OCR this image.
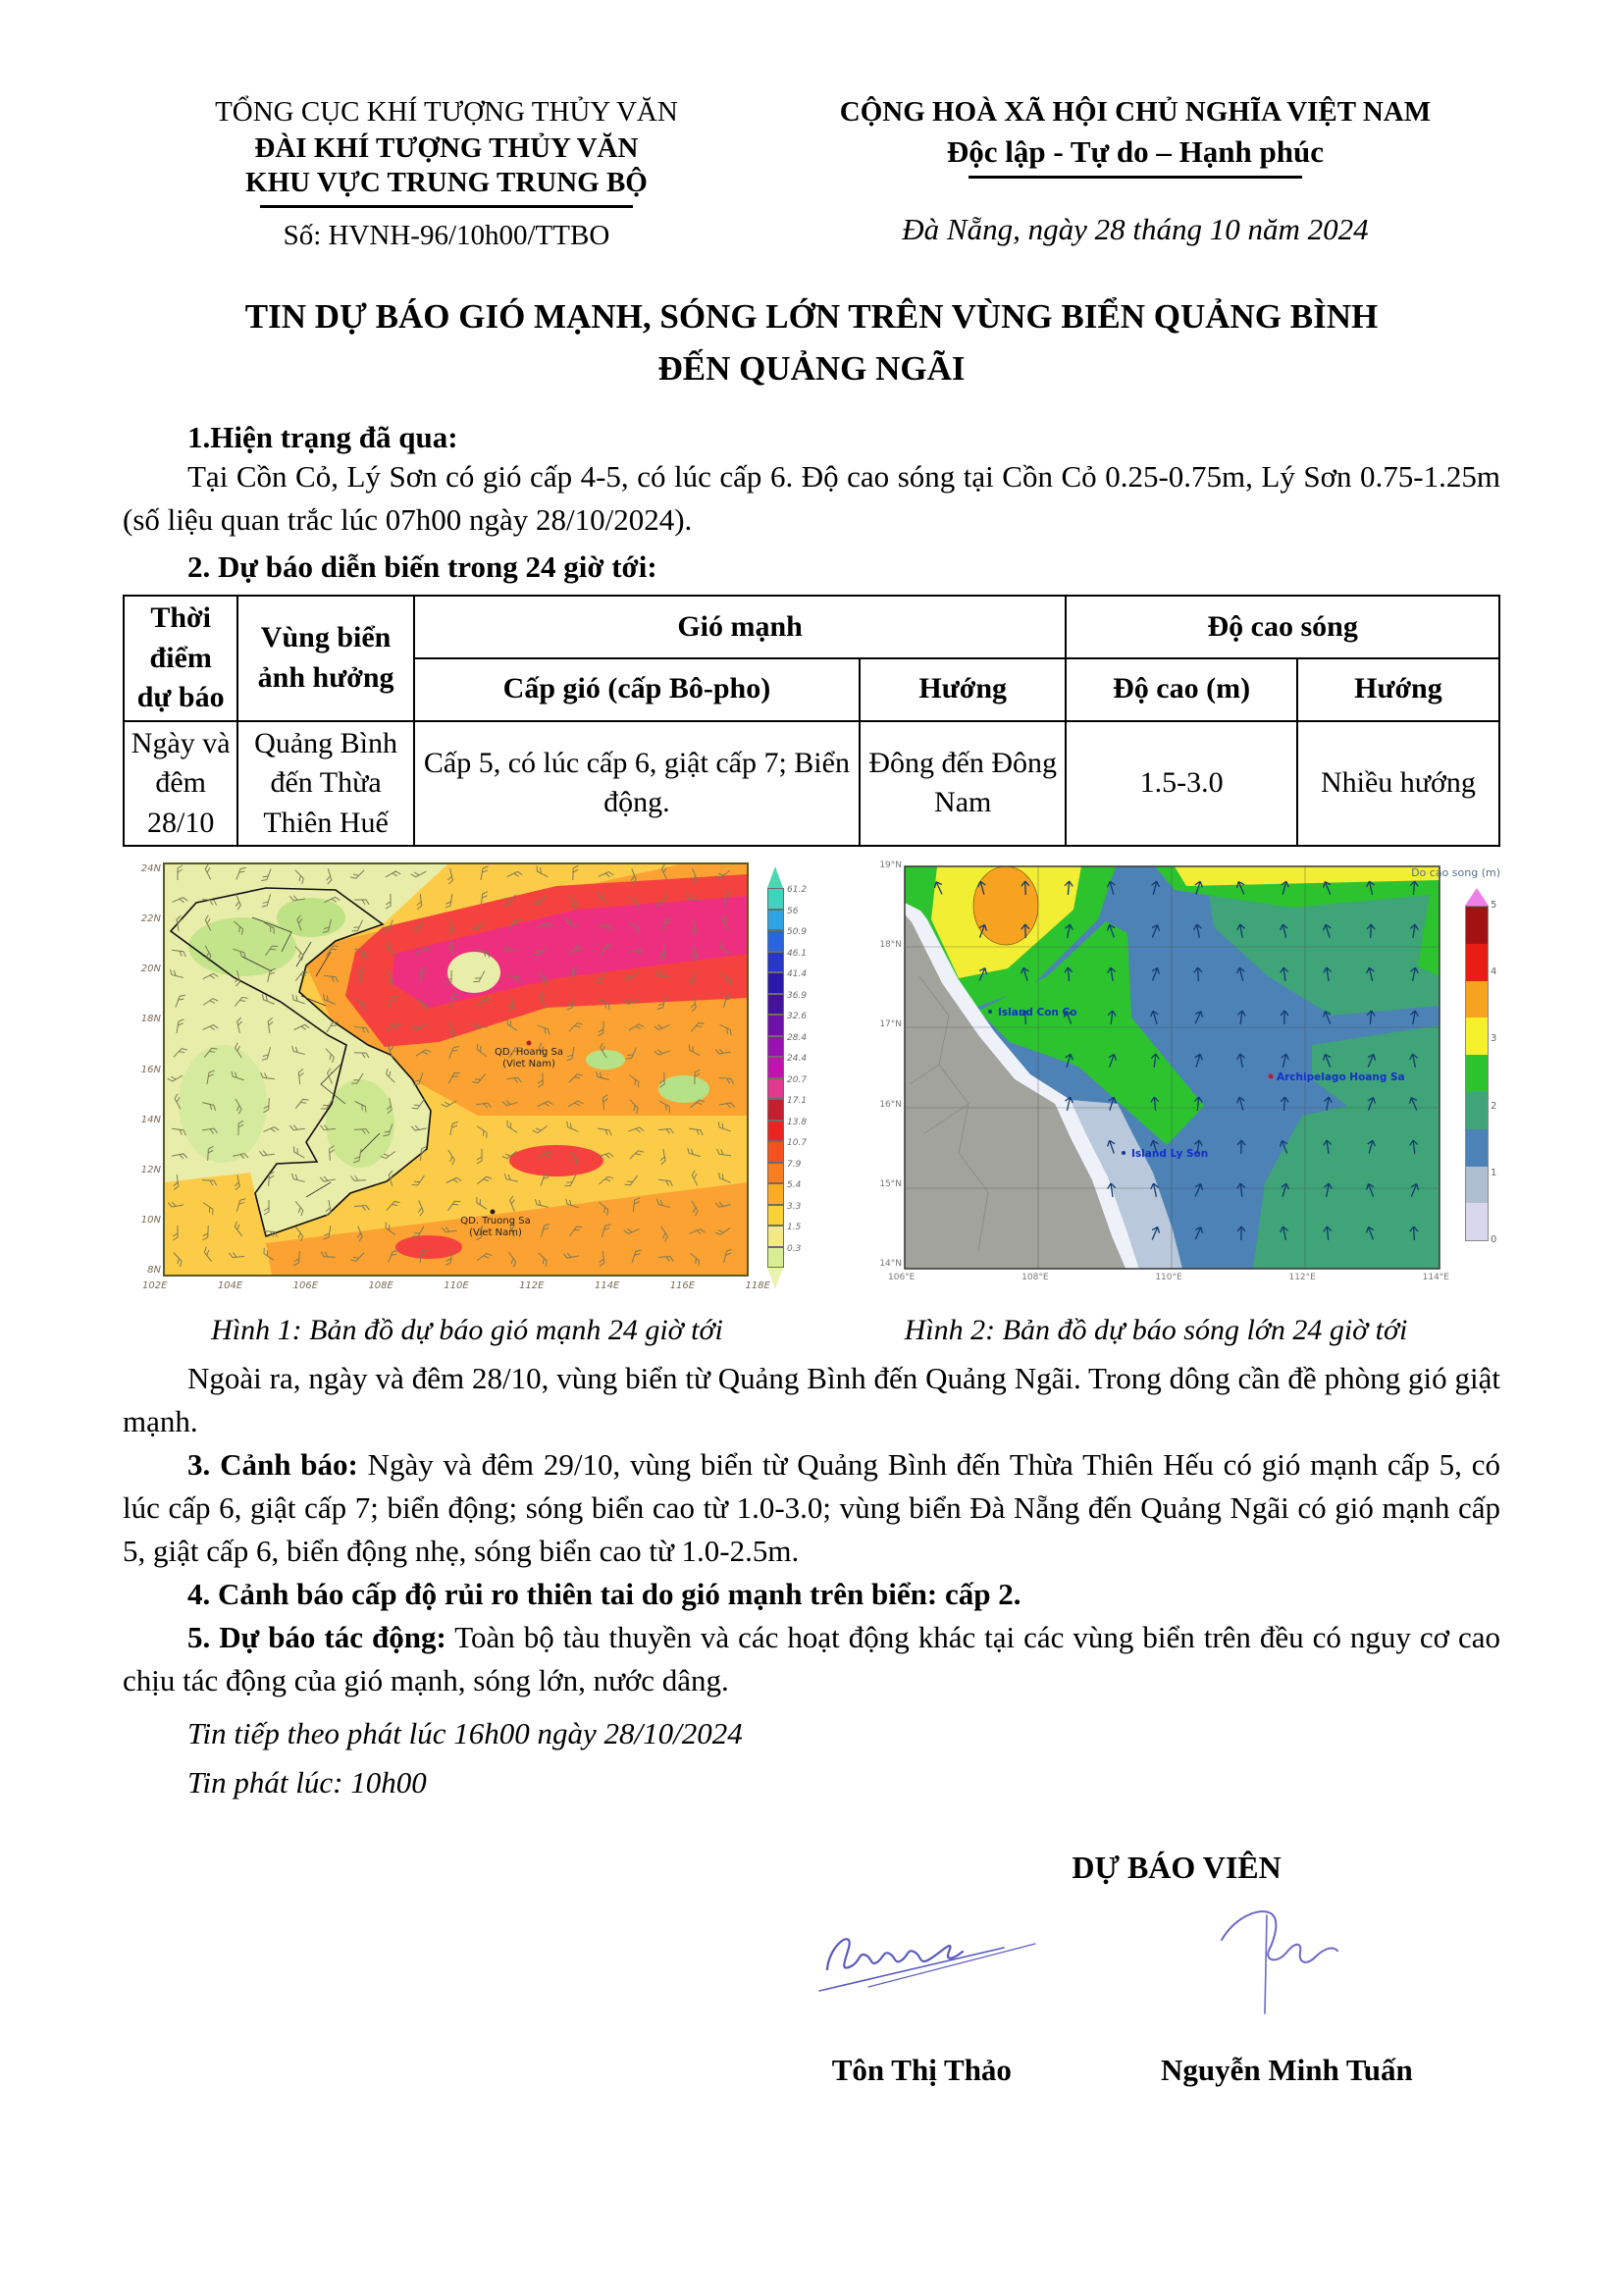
TỔNG CỤC KHÍ TƯỢNG THỦY VĂN
ĐÀI KHÍ TƯỢNG THỦY VĂN
KHU VỰC TRUNG TRUNG BỘ
Số: HVNH-96/10h00/TTBO
CỘNG HOÀ XÃ HỘI CHỦ NGHĨA VIỆT NAM
Độc lập - Tự do – Hạnh phúc
Đà Nẵng, ngày 28 tháng 10 năm 2024
TIN DỰ BÁO GIÓ MẠNH, SÓNG LỚN TRÊN VÙNG BIỂN QUẢNG BÌNH
ĐẾN QUẢNG NGÃI
1.Hiện trạng đã qua:
Tại Cồn Cỏ, Lý Sơn có gió cấp 4-5, có lúc cấp 6. Độ cao sóng tại Cồn Cỏ 0.25-0.75m, Lý Sơn 0.75-1.25m (số liệu quan trắc lúc 07h00 ngày 28/10/2024).
2. Dự báo diễn biến trong 24 giờ tới:
Thời điểm dự báo	Vùng biển ảnh hưởng	Gió mạnh		Độ cao sóng	
		Cấp gió (cấp Bô-pho)	Hướng	Độ cao (m)	Hướng
Ngày và đêm 28/10	Quảng Bình đến Thừa Thiên Huế	Cấp 5, có lúc cấp 6, giật cấp 7; Biển động.	Đông đến Đông Nam	1.5-3.0	Nhiều hướng
QD. Hoang Sa
(Viet Nam)
QD. Truong Sa
(Viet Nam)
24N
22N
20N
18N
16N
14N
12N
10N
8N
102E	104E	106E	108E	110E	112E	114E	116E	118E
61.2
56
50.9
46.1
41.4
36.9
32.6
28.4
24.4
20.7
17.1
13.8
10.7
7.9
5.4
3.3
1.5
0.3
Island Con Co
Archipelago Hoang Sa
Island Ly Son
19°N
18°N
17°N
16°N
15°N
14°N
106°E	108°E	110°E	112°E	114°E
Do cao song (m)
5
4
3
2
1
0
Hình 1: Bản đồ dự báo gió mạnh 24 giờ tới	Hình 2: Bản đồ dự báo sóng lớn 24 giờ tới
Ngoài ra, ngày và đêm 28/10, vùng biển từ Quảng Bình đến Quảng Ngãi. Trong dông cần đề phòng gió giật mạnh.
3. Cảnh báo: Ngày và đêm 29/10, vùng biển từ Quảng Bình đến Thừa Thiên Hếu có gió mạnh cấp 5, có lúc cấp 6, giật cấp 7; biển động; sóng biển cao từ 1.0-3.0; vùng biển Đà Nẵng đến Quảng Ngãi có gió mạnh cấp 5, giật cấp 6, biển động nhẹ, sóng biển cao từ 1.0-2.5m.
4. Cảnh báo cấp độ rủi ro thiên tai do gió mạnh trên biển: cấp 2.
5. Dự báo tác động: Toàn bộ tàu thuyền và các hoạt động khác tại các vùng biển trên đều có nguy cơ cao chịu tác động của gió mạnh, sóng lớn, nước dâng.
Tin tiếp theo phát lúc 16h00 ngày 28/10/2024
Tin phát lúc: 10h00
DỰ BÁO VIÊN
Tôn Thị Thảo	Nguyễn Minh Tuấn
